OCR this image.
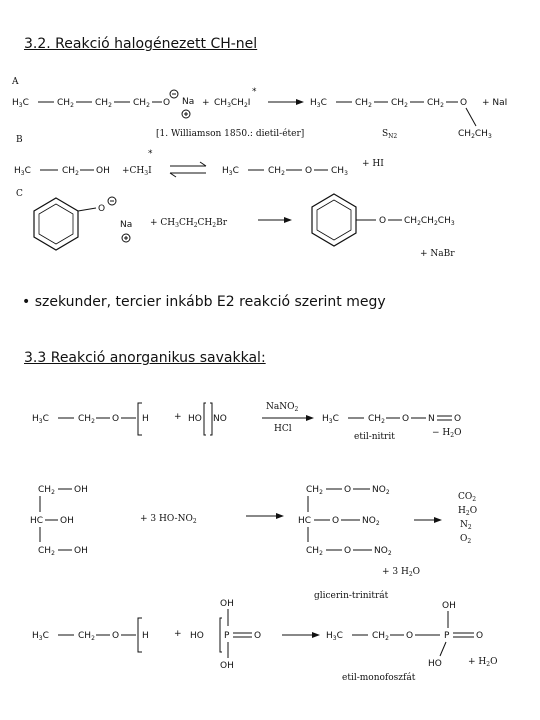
3.2. Reakció halogénezett CH-nel
A
$H_3C$	$CH_2$ $CH_2$ $CH_2$ O $Na + CH_3CH_2I$
*
$H_3C$	$CH_2$ $CH_2$ $CH_2$ O
$CH_2CH_3$
+ NaI
B
[1. Williamson 1850.: dietil-éter]	$S_{N2}$
$H_3C$	$CH_2$ OH $+CH_3I$
*
$H_3C$	$CH_2$ O $CH_3$
+ HI
C
O
$Na + CH_3CH_2CH_2Br$	O $CH_2CH_2CH_3$
+ NaBr
• szekunder, tercier inkább E2 reakció szerint megy
3.3 Reakció anorganikus savakkal:
$H_3C$	$CH_2$ O	H	+ HO NO
NaNO$_2$
HCl
$H_3C$	$CH_2$ O N O
etil-nitrit	− $H_2O$
$CH_2$ OH
HC OH
$CH_2$ OH
+ 3 $HO-NO_2$
$CH_2$ O $NO_2$
HC O	$NO_2$
$CH_2$ O	$NO_2$
$CO_2$
$H_2O$
$N_2$
$O_2$
+ 3 $H_2O$
glicerin-trinitrát
$H_3C$	$CH_2$ O	H	+
OH
HO P	O
OH
$H_3C$	$CH_2$ O
OH
P	O
HO	+ $H_2O$
etil-monofoszfát
